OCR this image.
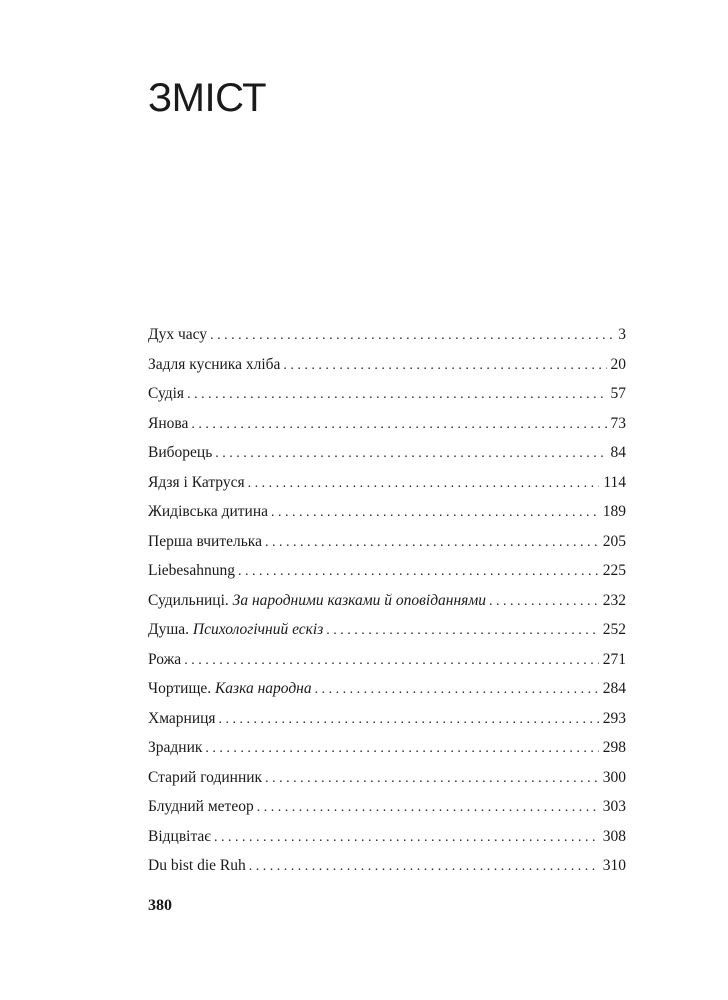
ЗМІСТ
Дух часу . . .	3
Задля кусника хліба . . .	20
Судія . . .	57
Янова . . .	73
Виборець . . .	84
Ядзя і Катруся . . .	114
Жидівська дитина . . .	189
Перша вчителька . . .	205
Liebesahnung . . .	225
Судильниці. За народними казками й оповіданнями . . .	232
Душа. Психологічний ескіз . . .	252
Рожа . . .	271
Чортище. Казка народна . . .	284
Хмарниця . . .	293
Зрадник . . .	298
Старий годинник . . .	300
Блудний метеор . . .	303
Відцвітає . . .	308
Du bist die Ruh . . .	310
380
